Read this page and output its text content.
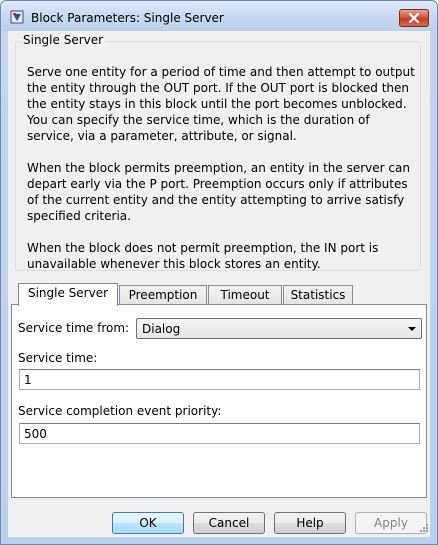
Block Parameters: Single Server
Single Server

Serve one entity for a period of time and then attempt to output the entity through the OUT port. If the OUT port is blocked then the entity stays in this block until the port becomes unblocked. You can specify the service time, which is the duration of service, via a parameter, attribute, or signal.

When the block permits preemption, an entity in the server can depart early via the P port. Preemption occurs only if attributes of the current entity and the entity attempting to arrive satisfy specified criteria.

When the block does not permit preemption, the IN port is unavailable whenever this block stores an entity.

Single Server	Preemption	Timeout	Statistics
Service time from: Dialog
Service time:
1
Service completion event priority:
500
OK	Cancel	Help	Apply
